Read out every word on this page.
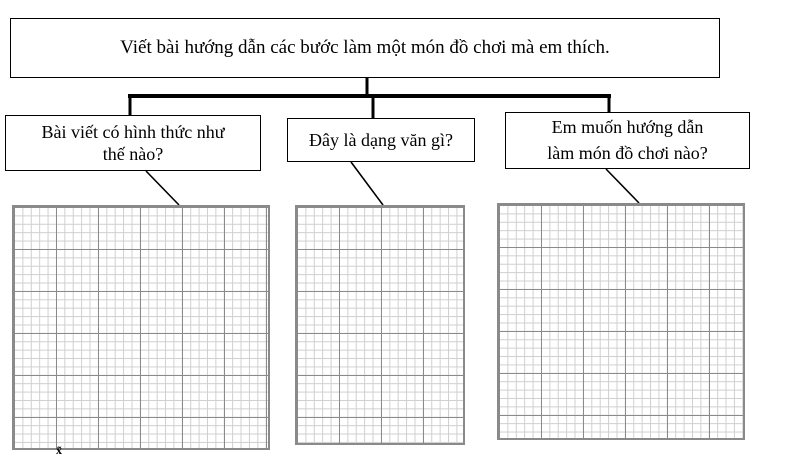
Viết bài hướng dẫn các bước làm một món đồ chơi mà em thích.
Bài viết có hình thức như
thế nào?
Đây là dạng văn gì?
Em muốn hướng dẫn
làm món đồ chơi nào?
x̃
